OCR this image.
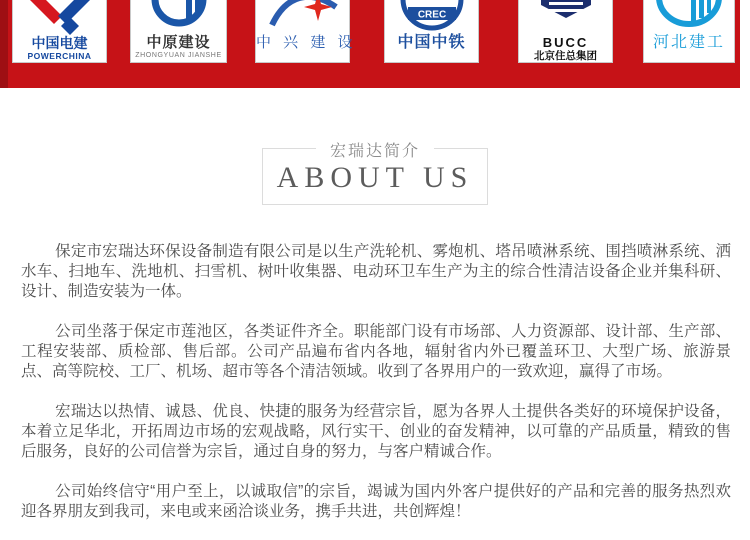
中国电建
POWERCHINA
中原建设
ZHONGYUAN JIANSHE
中 兴 建 设
CREC
中国中铁	BUCC
北京住总集团
河北建工
宏瑞达简介
ABOUT US

保定市宏瑞达环保设备制造有限公司是以生产洗轮机、雾炮机、塔吊喷淋系统、围挡喷淋系统、洒水车、扫地车、洗地机、扫雪机、树叶收集器、电动环卫车生产为主的综合性清洁设备企业并集科研、设计、制造安装为一体。

公司坐落于保定市莲池区，各类证件齐全。职能部门设有市场部、人力资源部、设计部、生产部、工程安装部、质检部、售后部。公司产品遍布省内各地，辐射省内外已覆盖环卫、大型广场、旅游景点、高等院校、工厂、机场、超市等各个清洁领域。收到了各界用户的一致欢迎，赢得了市场。

宏瑞达以热情、诚恳、优良、快捷的服务为经营宗旨，愿为各界人土提供各类好的环境保护设备，本着立足华北，开拓周边市场的宏观战略，风行实干、创业的奋发精神，以可靠的产品质量，精致的售后服务，良好的公司信誉为宗旨，通过自身的努力，与客户精诚合作。

公司始终信守“用户至上，以诚取信”的宗旨，竭诚为国内外客户提供好的产品和完善的服务热烈欢迎各界朋友到我司，来电或来函洽谈业务，携手共进，共创辉煌！
